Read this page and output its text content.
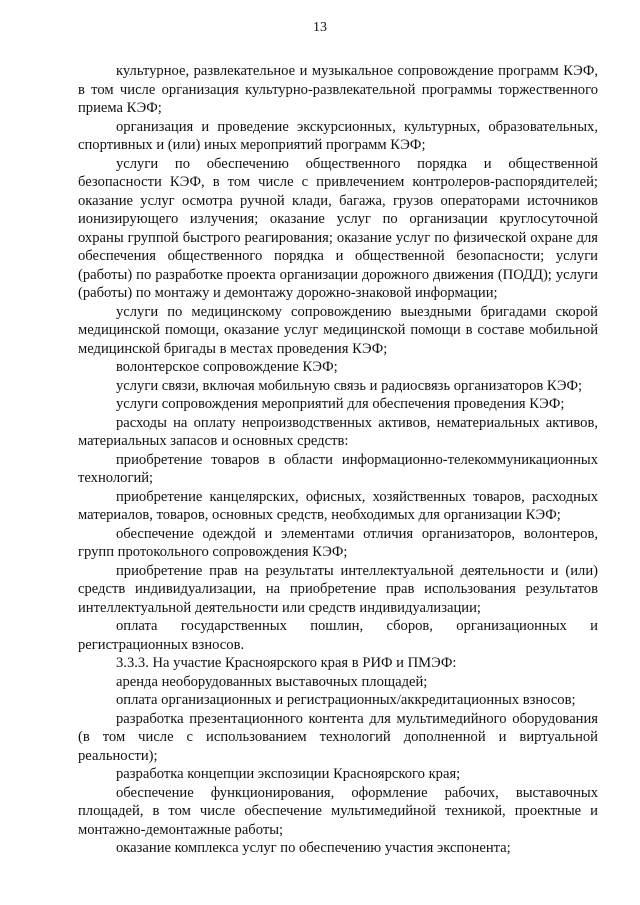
13

культурное, развлекательное и музыкальное сопровождение программ КЭФ, в том числе организация культурно-развлекательной программы торжественного приема КЭФ;

организация и проведение экскурсионных, культурных, образовательных, спортивных и (или) иных мероприятий программ КЭФ;

услуги по обеспечению общественного порядка и общественной безопасности КЭФ, в том числе с привлечением контролеров-распорядителей; оказание услуг осмотра ручной клади, багажа, грузов операторами источников ионизирующего излучения; оказание услуг по организации круглосуточной охраны группой быстрого реагирования; оказание услуг по физической охране для обеспечения общественного порядка и общественной безопасности; услуги (работы) по разработке проекта организации дорожного движения (ПОДД); услуги (работы) по монтажу и демонтажу дорожно-знаковой информации;

услуги по медицинскому сопровождению выездными бригадами скорой медицинской помощи, оказание услуг медицинской помощи в составе мобильной медицинской бригады в местах проведения КЭФ;

волонтерское сопровождение КЭФ;

услуги связи, включая мобильную связь и радиосвязь организаторов КЭФ;

услуги сопровождения мероприятий для обеспечения проведения КЭФ;

расходы на оплату непроизводственных активов, нематериальных активов, материальных запасов и основных средств:

приобретение товаров в области информационно-телекоммуникационных технологий;

приобретение канцелярских, офисных, хозяйственных товаров, расходных материалов, товаров, основных средств, необходимых для организации КЭФ;

обеспечение одеждой и элементами отличия организаторов, волонтеров, групп протокольного сопровождения КЭФ;

приобретение прав на результаты интеллектуальной деятельности и (или) средств индивидуализации, на приобретение прав использования результатов интеллектуальной деятельности или средств индивидуализации;

оплата государственных пошлин, сборов, организационных и регистрационных взносов.

3.3.3. На участие Красноярского края в РИФ и ПМЭФ:

аренда необорудованных выставочных площадей;

оплата организационных и регистрационных/аккредитационных взносов;

разработка презентационного контента для мультимедийного оборудования (в том числе с использованием технологий дополненной и виртуальной реальности);

разработка концепции экспозиции Красноярского края;

обеспечение функционирования, оформление рабочих, выставочных площадей, в том числе обеспечение мультимедийной техникой, проектные и монтажно-демонтажные работы;

оказание комплекса услуг по обеспечению участия экспонента;
